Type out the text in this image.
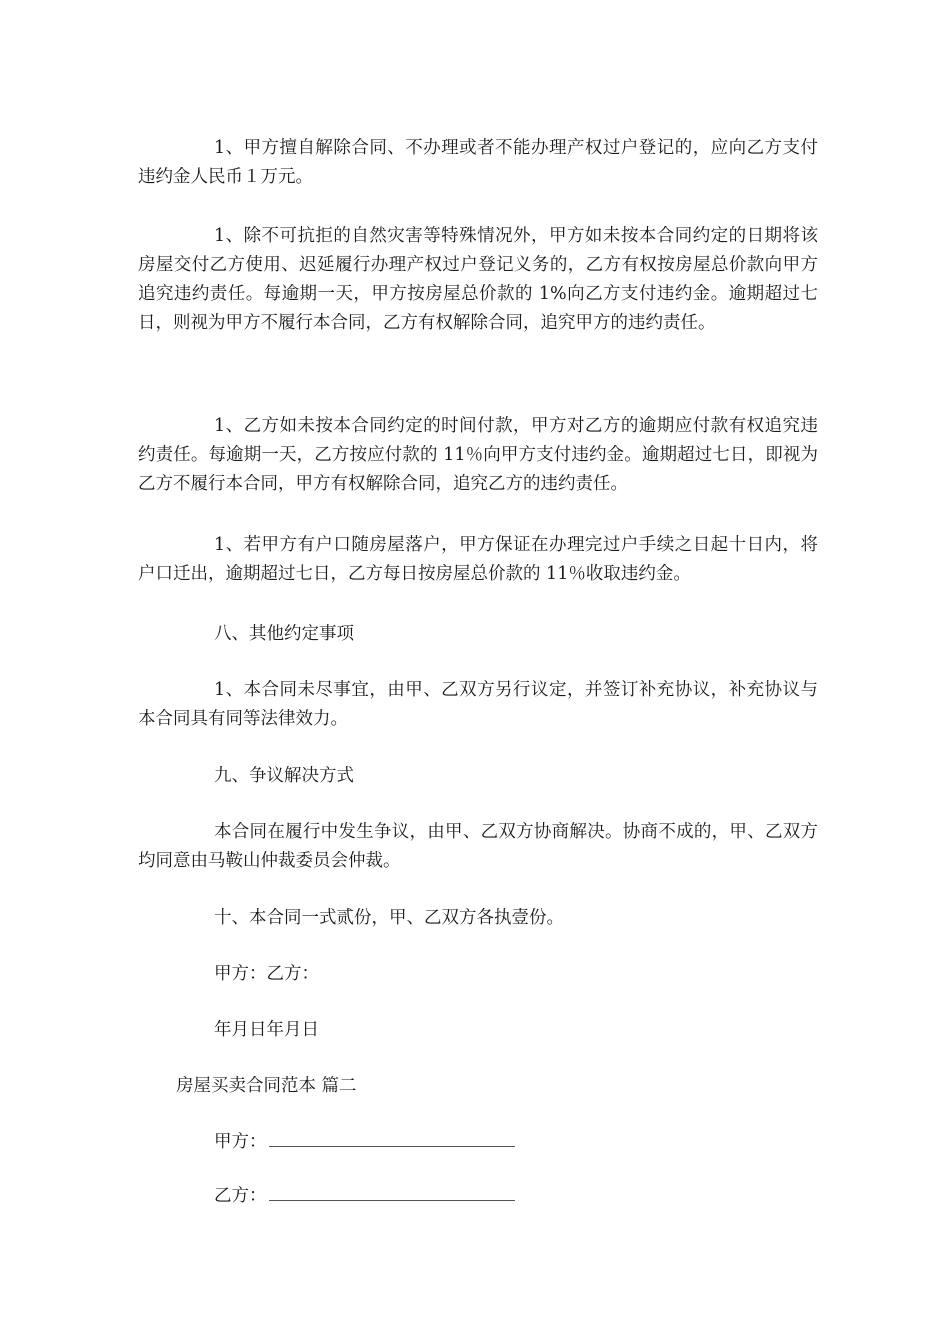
1、甲方擅自解除合同、不办理或者不能办理产权过户登记的，应向乙方支付违约金人民币１万元。

1、除不可抗拒的自然灾害等特殊情况外，甲方如未按本合同约定的日期将该房屋交付乙方使用、迟延履行办理产权过户登记义务的，乙方有权按房屋总价款向甲方追究违约责任。每逾期一天，甲方按房屋总价款的 1%向乙方支付违约金。逾期超过七日，则视为甲方不履行本合同，乙方有权解除合同，追究甲方的违约责任。

1、乙方如未按本合同约定的时间付款，甲方对乙方的逾期应付款有权追究违约责任。每逾期一天，乙方按应付款的 11％向甲方支付违约金。逾期超过七日，即视为乙方不履行本合同，甲方有权解除合同，追究乙方的违约责任。

1、若甲方有户口随房屋落户，甲方保证在办理完过户手续之日起十日内，将户口迁出，逾期超过七日，乙方每日按房屋总价款的 11％收取违约金。

八、其他约定事项

1、本合同未尽事宜，由甲、乙双方另行议定，并签订补充协议，补充协议与本合同具有同等法律效力。

九、争议解决方式

本合同在履行中发生争议，由甲、乙双方协商解决。协商不成的，甲、乙双方均同意由马鞍山仲裁委员会仲裁。

十、本合同一式贰份，甲、乙双方各执壹份。

甲方：乙方：

年月日年月日

房屋买卖合同范本 篇二

甲方：
乙方：
